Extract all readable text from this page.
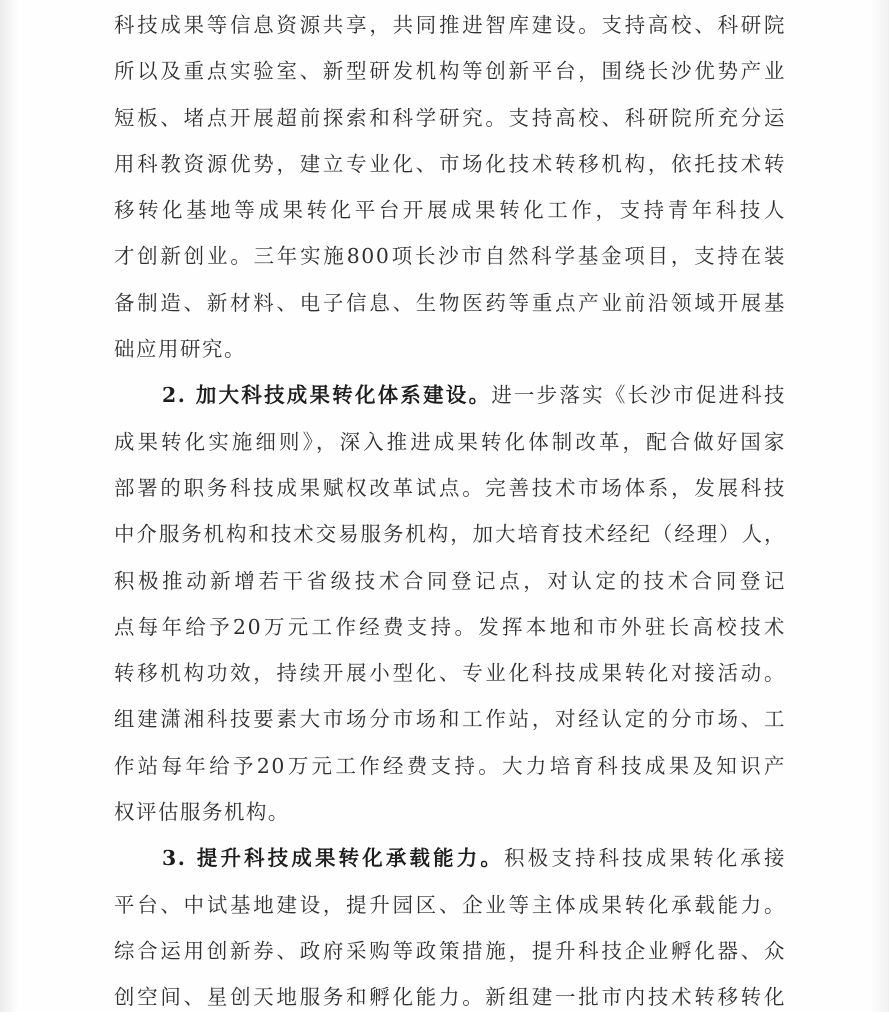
科技成果等信息资源共享，共同推进智库建设。支持高校、科研院
所以及重点实验室、新型研发机构等创新平台，围绕长沙优势产业
短板、堵点开展超前探索和科学研究。支持高校、科研院所充分运
用科教资源优势，建立专业化、市场化技术转移机构，依托技术转
移转化基地等成果转化平台开展成果转化工作，支持青年科技人
才创新创业。三年实施800项长沙市自然科学基金项目，支持在装
备制造、新材料、电子信息、生物医药等重点产业前沿领域开展基
础应用研究。
2. 加大科技成果转化体系建设。进一步落实《长沙市促进科技
成果转化实施细则》，深入推进成果转化体制改革，配合做好国家
部署的职务科技成果赋权改革试点。完善技术市场体系，发展科技
中介服务机构和技术交易服务机构，加大培育技术经纪（经理）人，
积极推动新增若干省级技术合同登记点，对认定的技术合同登记
点每年给予20万元工作经费支持。发挥本地和市外驻长高校技术
转移机构功效，持续开展小型化、专业化科技成果转化对接活动。
组建潇湘科技要素大市场分市场和工作站，对经认定的分市场、工
作站每年给予20万元工作经费支持。大力培育科技成果及知识产
权评估服务机构。
3. 提升科技成果转化承载能力。积极支持科技成果转化承接
平台、中试基地建设，提升园区、企业等主体成果转化承载能力。
综合运用创新券、政府采购等政策措施，提升科技企业孵化器、众
创空间、星创天地服务和孵化能力。新组建一批市内技术转移转化
